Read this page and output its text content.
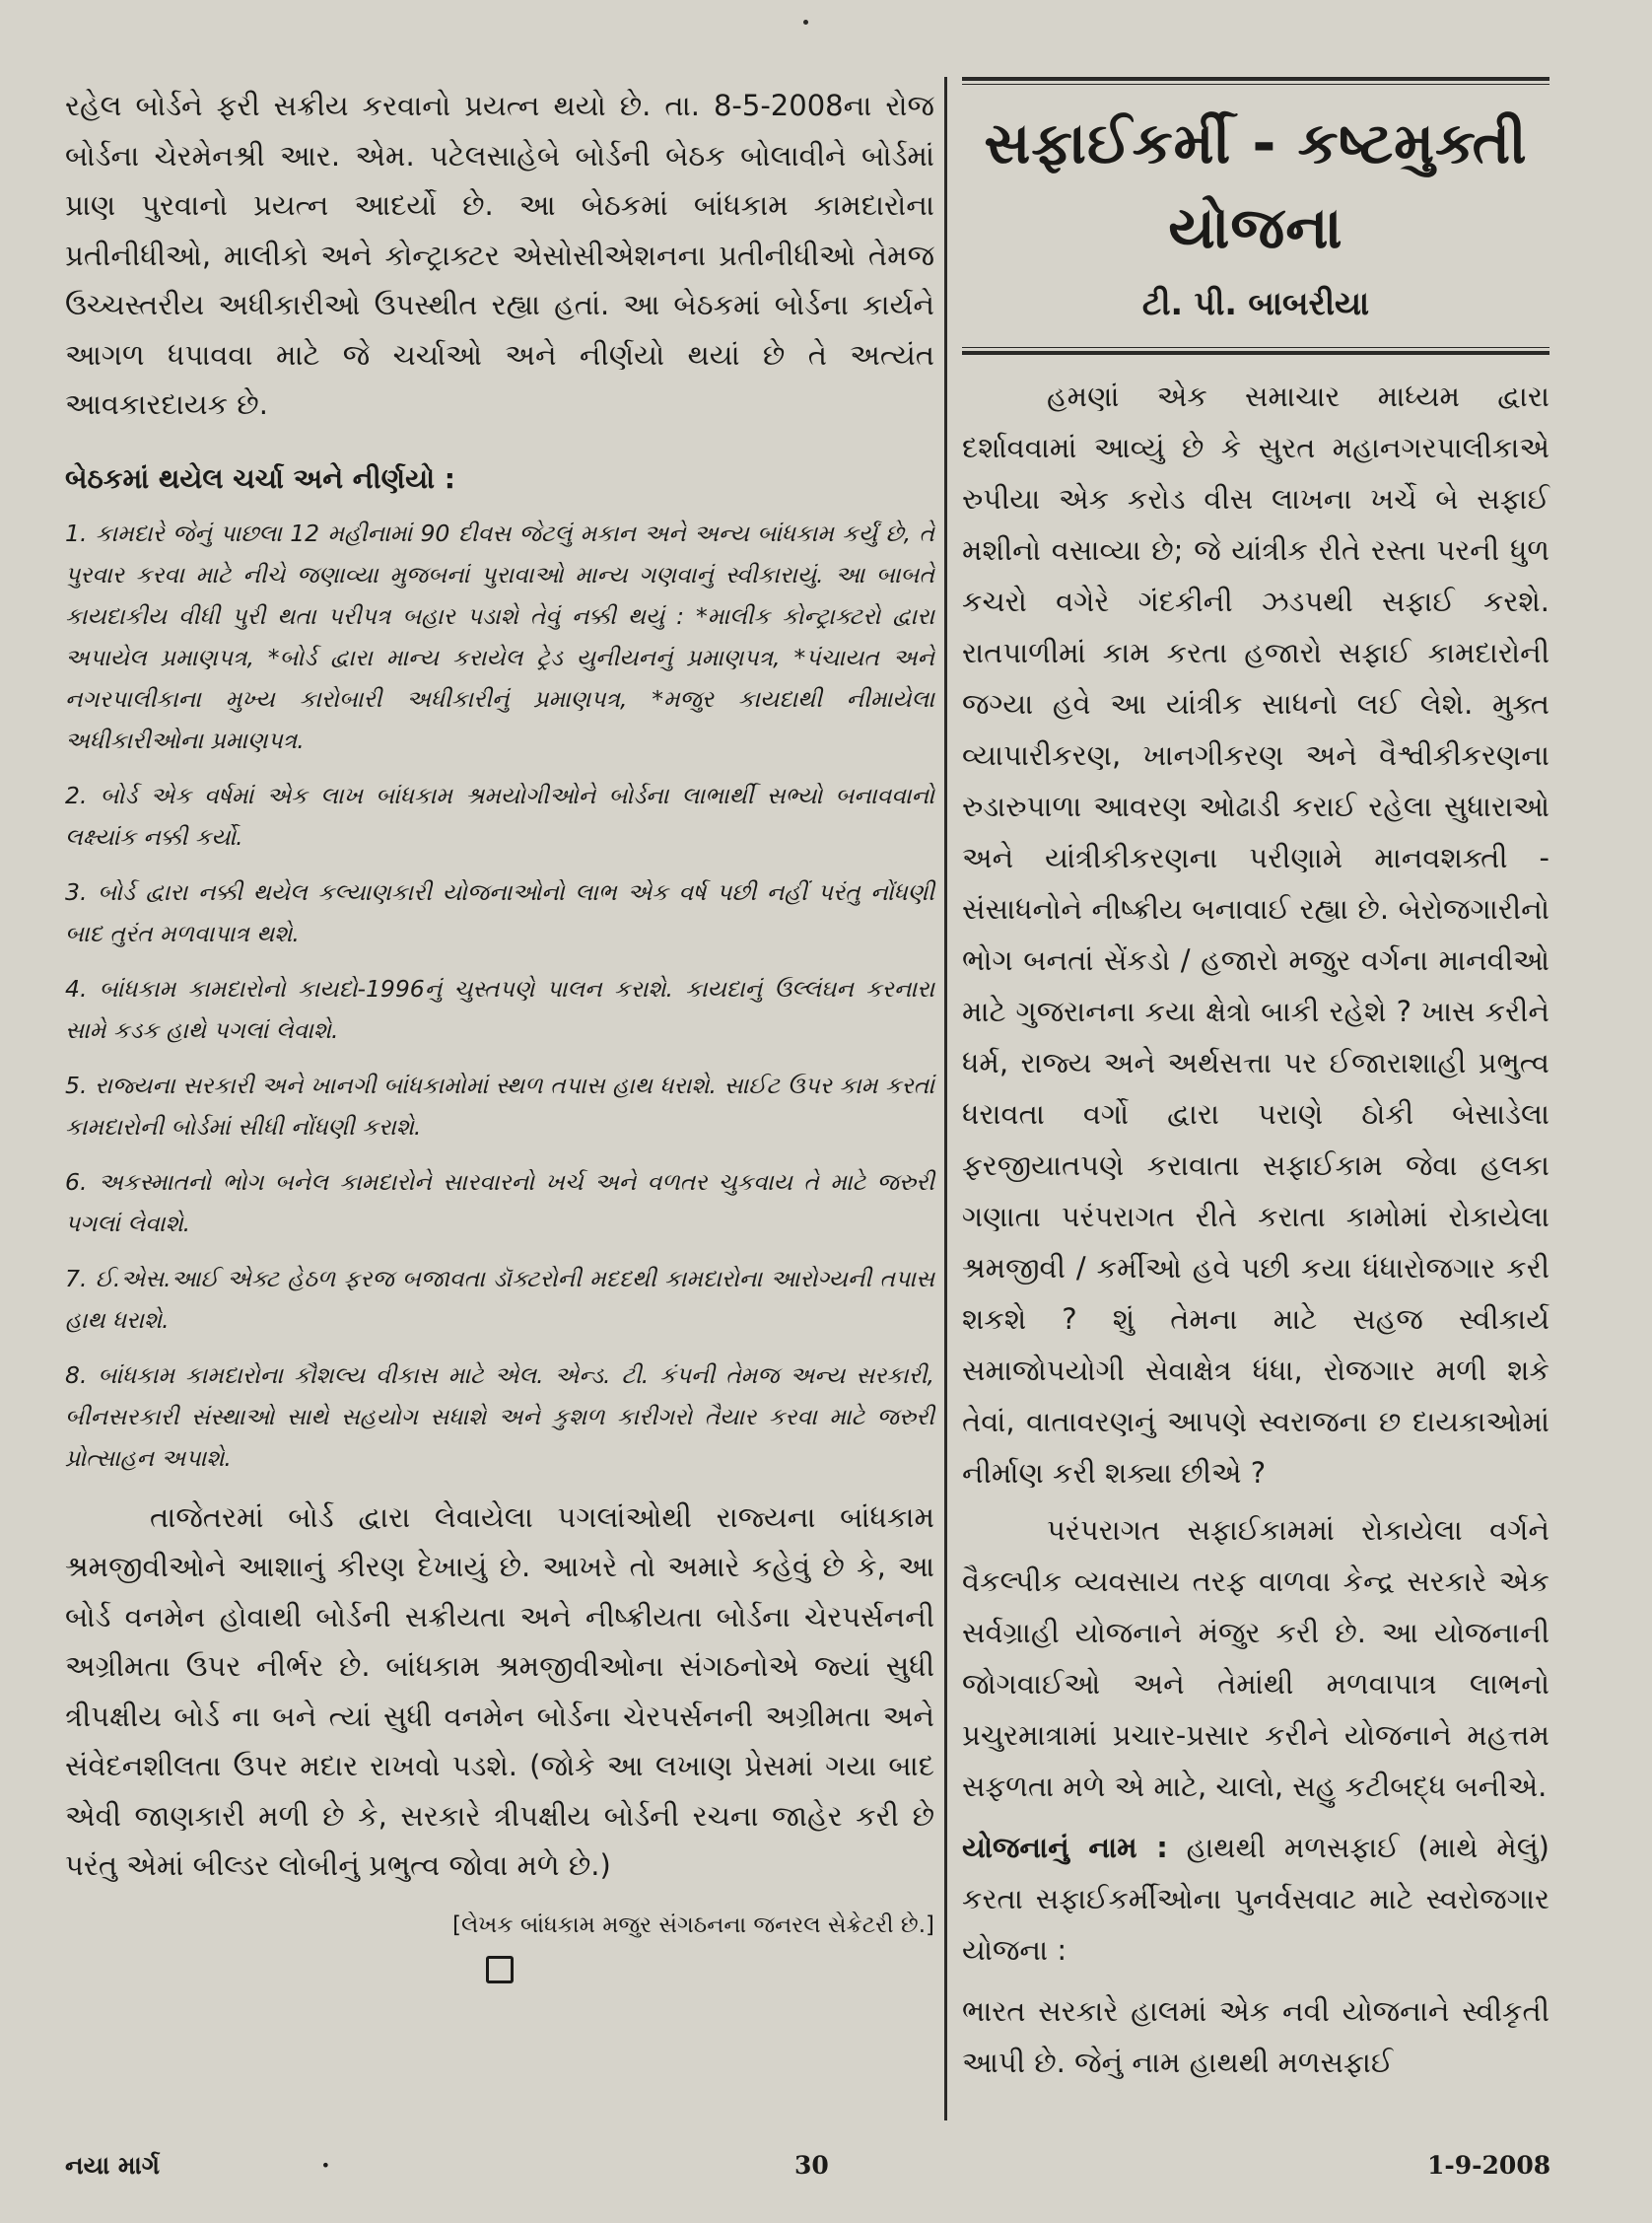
રહેલ બોર્ડને ફરી સક્રીય કરવાનો પ્રયત્ન થયો છે. તા. 8-5-2008ના રોજ બોર્ડના ચેરમેનશ્રી આર. એમ. પટેલસાહેબે બોર્ડની બેઠક બોલાવીને બોર્ડમાં પ્રાણ પુરવાનો પ્રયત્ન આદર્યો છે. આ બેઠકમાં બાંધકામ કામદારોના પ્રતીનીધીઓ, માલીકો અને કોન્ટ્રાક્ટર એસોસીએશનના પ્રતીનીધીઓ તેમજ ઉચ્ચસ્તરીય અધીકારીઓ ઉપસ્થીત રહ્યા હતાં. આ બેઠકમાં બોર્ડના કાર્યને આગળ ધપાવવા માટે જે ચર્ચાઓ અને નીર્ણયો થયાં છે તે અત્યંત આવકારદાયક છે.

બેઠકમાં થયેલ ચર્ચા અને નીર્ણયો :

1. કામદારે જેનું પાછલા 12 મહીનામાં 90 દીવસ જેટલું મકાન અને અન્ય બાંધકામ કર્યું છે, તે પુરવાર કરવા માટે નીચે જણાવ્યા મુજબનાં પુરાવાઓ માન્ય ગણવાનું સ્વીકારાયું. આ બાબતે કાયદાકીય વીધી પુરી થતા પરીપત્ર બહાર પડાશે તેવું નક્કી થયું : *માલીક કોન્ટ્રાક્ટરો દ્વારા અપાયેલ પ્રમાણપત્ર, *બોર્ડ દ્વારા માન્ય કરાયેલ ટ્રેડ યુનીયનનું પ્રમાણપત્ર, *પંચાયત અને નગરપાલીકાના મુખ્ય કારોબારી અધીકારીનું પ્રમાણપત્ર, *મજુર કાયદાથી નીમાયેલા અધીકારીઓના પ્રમાણપત્ર.

2. બોર્ડ એક વર્ષમાં એક લાખ બાંધકામ શ્રમયોગીઓને બોર્ડના લાભાર્થી સભ્યો બનાવવાનો લક્ષ્યાંક નક્કી કર્યો.

3. બોર્ડ દ્વારા નક્કી થયેલ કલ્યાણકારી યોજનાઓનો લાભ એક વર્ષ પછી નહીં પરંતુ નોંધણી બાદ તુરંત મળવાપાત્ર થશે.

4. બાંધકામ કામદારોનો કાયદો-1996નું ચુસ્તપણે પાલન કરાશે. કાયદાનું ઉલ્લંઘન કરનારા સામે કડક હાથે પગલાં લેવાશે.

5. રાજ્યના સરકારી અને ખાનગી બાંધકામોમાં સ્થળ તપાસ હાથ ધરાશે. સાઈટ ઉપર કામ કરતાં કામદારોની બોર્ડમાં સીધી નોંધણી કરાશે.

6. અકસ્માતનો ભોગ બનેલ કામદારોને સારવારનો ખર્ચ અને વળતર ચુકવાય તે માટે જરુરી પગલાં લેવાશે.

7. ઈ.એસ.આઈ એક્ટ હેઠળ ફરજ બજાવતા ડૉક્ટરોની મદદથી કામદારોના આરોગ્યની તપાસ હાથ ધરાશે.

8. બાંધકામ કામદારોના કૌશલ્ય વીકાસ માટે એલ. એન્ડ. ટી. કંપની તેમજ અન્ય સરકારી, બીનસરકારી સંસ્થાઓ સાથે સહયોગ સધાશે અને કુશળ કારીગરો તૈયાર કરવા માટે જરુરી પ્રોત્સાહન અપાશે.

તાજેતરમાં બોર્ડ દ્વારા લેવાયેલા પગલાંઓથી રાજ્યના બાંધકામ શ્રમજીવીઓને આશાનું કીરણ દેખાયું છે. આખરે તો અમારે કહેવું છે કે, આ બોર્ડ વનમેન હોવાથી બોર્ડની સક્રીયતા અને નીષ્ક્રીયતા બોર્ડના ચેરપર્સનની અગ્રીમતા ઉપર નીર્ભર છે. બાંધકામ શ્રમજીવીઓના સંગઠનોએ જ્યાં સુધી ત્રીપક્ષીય બોર્ડ ના બને ત્યાં સુધી વનમેન બોર્ડના ચેરપર્સનની અગ્રીમતા અને સંવેદનશીલતા ઉપર મદાર રાખવો પડશે. (જોકે આ લખાણ પ્રેસમાં ગયા બાદ એવી જાણકારી મળી છે કે, સરકારે ત્રીપક્ષીય બોર્ડની રચના જાહેર કરી છે પરંતુ એમાં બીલ્ડર લોબીનું પ્રભુત્વ જોવા મળે છે.)

[લેખક બાંધકામ મજુર સંગઠનના જનરલ સેક્રેટરી છે.]

સફાઈકર્મી - કષ્ટમુક્તી
યોજના
ટી. પી. બાબરીયા

હમણાં એક સમાચાર માધ્યમ દ્વારા દર્શાવવામાં આવ્યું છે કે સુરત મહાનગરપાલીકાએ રુપીયા એક કરોડ વીસ લાખના ખર્ચે બે સફાઈ મશીનો વસાવ્યા છે; જે યાંત્રીક રીતે રસ્તા પરની ધુળ કચરો વગેરે ગંદકીની ઝડપથી સફાઈ કરશે. રાતપાળીમાં કામ કરતા હજારો સફાઈ કામદારોની જગ્યા હવે આ યાંત્રીક સાધનો લઈ લેશે. મુક્ત વ્યાપારીકરણ, ખાનગીકરણ અને વૈશ્વીકીકરણના રુડારુપાળા આવરણ ઓઢાડી કરાઈ રહેલા સુધારાઓ અને યાંત્રીકીકરણના પરીણામે માનવશક્તી - સંસાધનોને નીષ્ક્રીય બનાવાઈ રહ્યા છે. બેરોજગારીનો ભોગ બનતાં સેંકડો / હજારો મજુર વર્ગના માનવીઓ માટે ગુજરાનના કયા ક્ષેત્રો બાકી રહેશે ? ખાસ કરીને ધર્મ, રાજ્ય અને અર્થસત્તા પર ઈજારાશાહી પ્રભુત્વ ધરાવતા વર્ગો દ્વારા પરાણે ઠોકી બેસાડેલા ફરજીયાતપણે કરાવાતા સફાઈકામ જેવા હલકા ગણાતા પરંપરાગત રીતે કરાતા કામોમાં રોકાયેલા શ્રમજીવી / કર્મીઓ હવે પછી કયા ધંધારોજગાર કરી શકશે ? શું તેમના માટે સહજ સ્વીકાર્ય સમાજોપયોગી સેવાક્ષેત્ર ધંધા, રોજગાર મળી શકે તેવાં, વાતાવરણનું આપણે સ્વરાજના છ દાયકાઓમાં નીર્માણ કરી શક્યા છીએ ?

પરંપરાગત સફાઈકામમાં રોકાયેલા વર્ગને વૈકલ્પીક વ્યવસાય તરફ વાળવા કેન્દ્ર સરકારે એક સર્વગ્રાહી યોજનાને મંજુર કરી છે. આ યોજનાની જોગવાઈઓ અને તેમાંથી મળવાપાત્ર લાભનો પ્રચુરમાત્રામાં પ્રચાર-પ્રસાર કરીને યોજનાને મહત્તમ સફળતા મળે એ માટે, ચાલો, સહુ કટીબદ્ધ બનીએ.

યોજનાનું નામ : હાથથી મળસફાઈ (માથે મેલું) કરતા સફાઈકર્મીઓના પુનર્વસવાટ માટે સ્વરોજગાર યોજના :

ભારત સરકારે હાલમાં એક નવી યોજનાને સ્વીકૃતી આપી છે. જેનું નામ હાથથી મળસફાઈ

નયા માર્ગ	·	30	1-9-2008
